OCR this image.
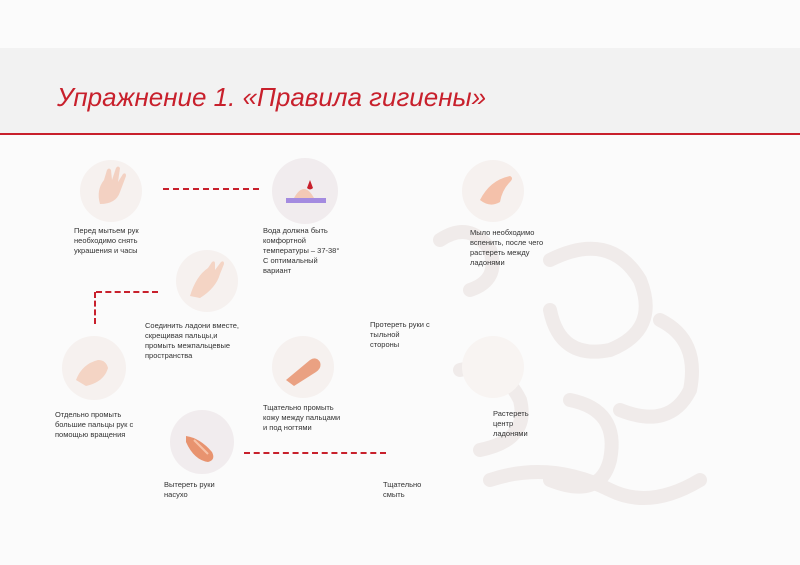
Упражнение 1. «Правила гигиены»
Перед мытьем рук
необходимо снять
украшения и часы
Вода должна быть
комфортной
температуры – 37-38°
С оптимальный
вариант
Мыло необходимо
вспенить, после чего
растереть между
ладонями
Соединить ладони вместе,
скрещивая пальцы,и
промыть межпальцевые
пространства
Протереть руки с
тыльной
стороны
Отдельно промыть
большие пальцы рук с
помощью вращения
Тщательно промыть
кожу между пальцами
и под ногтями
Растереть
центр
ладонями
Вытереть руки
насухо
Тщательно
смыть
